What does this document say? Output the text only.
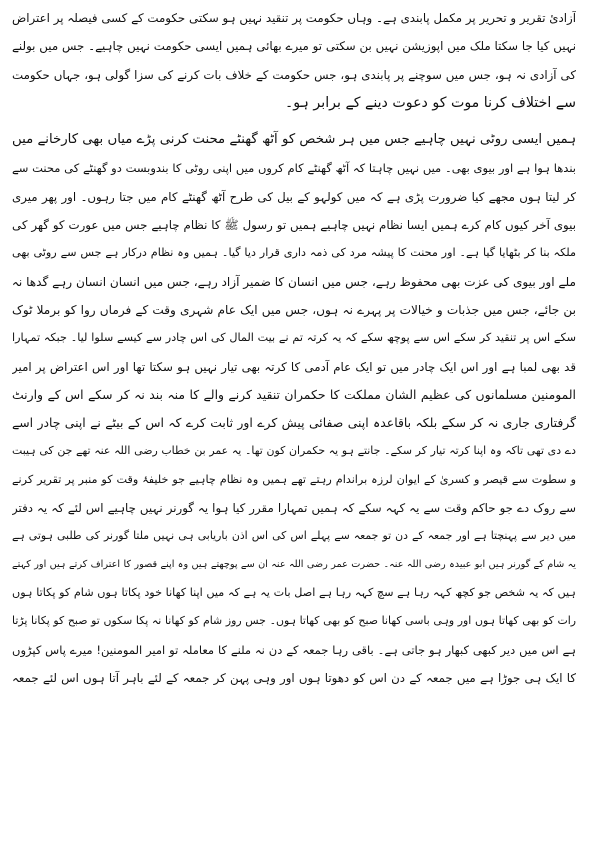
آزادئ تقریر و تحریر پر مکمل پابندی ہے۔ وہاں حکومت پر تنقید نہیں ہو سکتی حکومت کے کسی فیصلہ پر اعتراض
نہیں کیا جا سکتا ملک میں اپوزیشن نہیں بن سکتی تو میرے بھائی ہمیں ایسی حکومت نہیں چاہیے۔ جس میں بولنے
کی آزادی نہ ہو، جس میں سوچنے پر پابندی ہو، جس حکومت کے خلاف بات کرنے کی سزا گولی ہو، جہاں حکومت
سے اختلاف کرنا موت کو دعوت دینے کے برابر ہو۔
ہمیں ایسی روٹی نہیں چاہیے جس میں ہر شخص کو آٹھ گھنٹے محنت کرنی پڑے میاں بھی کارخانے میں
بندھا ہوا ہے اور بیوی بھی۔ میں نہیں چاہتا کہ آٹھ گھنٹے کام کروں میں اپنی روٹی کا بندوبست دو گھنٹے کی محنت سے
کر لیتا ہوں مجھے کیا ضرورت پڑی ہے کہ میں کولہو کے بیل کی طرح آٹھ گھنٹے کام میں جتا رہوں۔ اور پھر میری
بیوی آخر کیوں کام کرے ہمیں ایسا نظام نہیں چاہیے ہمیں تو رسول ﷺ کا نظام چاہیے جس میں عورت کو گھر کی
ملکہ بنا کر بٹھایا گیا ہے۔ اور محنت کا پیشہ مرد کی ذمہ داری قرار دیا گیا۔ ہمیں وہ نظام درکار ہے جس سے روٹی بھی
ملے اور بیوی کی عزت بھی محفوظ رہے، جس میں انسان کا ضمیر آزاد رہے، جس میں انسان انسان رہے گدھا نہ
بن جائے، جس میں جذبات و خیالات پر پہرے نہ ہوں، جس میں ایک عام شہری وقت کے فرماں روا کو برملا ٹوک
سکے اس پر تنقید کر سکے اس سے پوچھ سکے کہ یہ کرتہ تم نے بیت المال کی اس چادر سے کیسے سلوا لیا۔ جبکہ تمہارا
قد بھی لمبا ہے اور اس ایک چادر میں تو ایک عام آدمی کا کرتہ بھی تیار نہیں ہو سکتا تھا اور اس اعتراض پر امیر
المومنین مسلمانوں کی عظیم الشان مملکت کا حکمران تنقید کرنے والے کا منہ بند نہ کر سکے اس کے وارنٹ
گرفتاری جاری نہ کر سکے بلکہ باقاعدہ اپنی صفائی پیش کرے اور ثابت کرے کہ اس کے بیٹے نے اپنی چادر اسے
دے دی تھی تاکہ وہ اپنا کرتہ تیار کر سکے۔ جانتے ہو یہ حکمران کون تھا۔ یہ عمر بن خطاب رضی اللہ عنہ تھے جن کی ہیبت
و سطوت سے قیصر و کسریٰ کے ایوان لرزہ براندام رہتے تھے ہمیں وہ نظام چاہیے جو خلیفۂ وقت کو منبر پر تقریر کرنے
سے روک دے جو حاکم وقت سے یہ کہہ سکے کہ ہمیں تمہارا مقرر کیا ہوا یہ گورنر نہیں چاہیے اس لئے کہ یہ دفتر
میں دیر سے پہنچتا ہے اور جمعہ کے دن تو جمعہ سے پہلے اس کی اس اذن باریابی ہی نہیں ملتا گورنر کی طلبی ہوتی ہے
یہ شام کے گورنر ہیں ابو عبیدہ رضی اللہ عنہ۔ حضرت عمر رضی اللہ عنہ ان سے پوچھتے ہیں وہ اپنے قصور کا اعتراف کرتے ہیں اور کہتے
ہیں کہ یہ شخص جو کچھ کہہ رہا ہے سچ کہہ رہا ہے اصل بات یہ ہے کہ میں اپنا کھانا خود پکاتا ہوں شام کو پکاتا ہوں
رات کو بھی کھاتا ہوں اور وہی باسی کھانا صبح کو بھی کھاتا ہوں۔ جس روز شام کو کھانا نہ پکا سکوں تو صبح کو پکانا پڑتا
ہے اس میں دیر کبھی کبھار ہو جاتی ہے۔ باقی رہا جمعہ کے دن نہ ملنے کا معاملہ تو امیر المومنین! میرے پاس کپڑوں
کا ایک ہی جوڑا ہے میں جمعہ کے دن اس کو دھوتا ہوں اور وہی پہن کر جمعہ کے لئے باہر آتا ہوں اس لئے جمعہ
